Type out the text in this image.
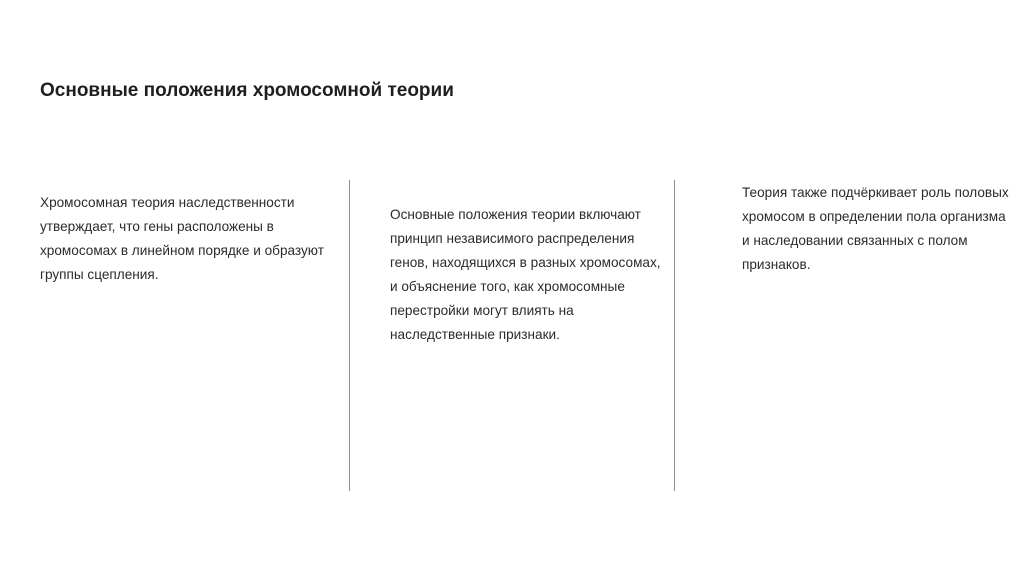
Основные положения хромосомной теории
Хромосомная теория наследственности утверждает, что гены расположены в хромосомах в линейном порядке и образуют группы сцепления.
Основные положения теории включают принцип независимого распределения генов, находящихся в разных хромосомах, и объяснение того, как хромосомные перестройки могут влиять на наследственные признаки.
Теория также подчёркивает роль половых хромосом в определении пола организма и наследовании связанных с полом признаков.
